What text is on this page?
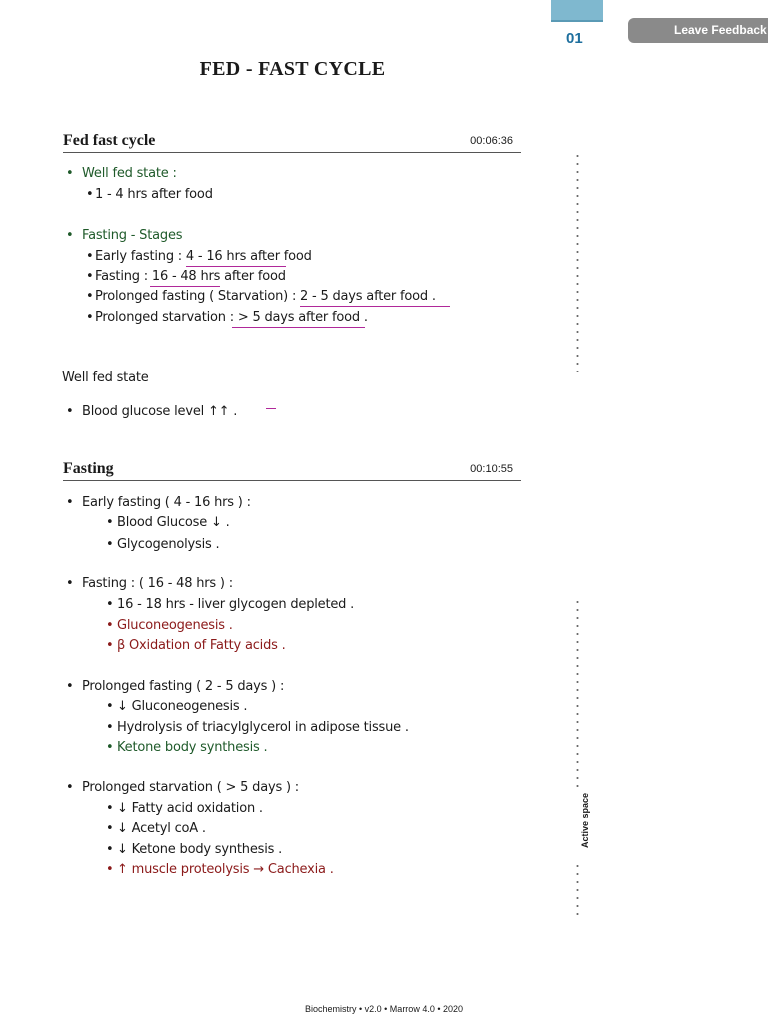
01	Leave Feedback
FED - FAST CYCLE
Fed fast cycle	00:06:36
• Well fed state :
• 1 - 4 hrs after food
• Fasting - Stages
• Early fasting : 4 - 16 hrs after food
• Fasting : 16 - 48 hrs after food
• Prolonged fasting ( Starvation) : 2 - 5 days after food .
• Prolonged starvation : > 5 days after food .
Well fed state
• Blood glucose level ↑↑ .
Fasting	00:10:55
• Early fasting ( 4 - 16 hrs ) :
• Blood Glucose ↓ .
• Glycogenolysis .
• Fasting : ( 16 - 48 hrs ) :
• 16 - 18 hrs - liver glycogen depleted .
• Gluconeogenesis .
• β Oxidation of Fatty acids .
• Prolonged fasting ( 2 - 5 days ) :
• ↓ Gluconeogenesis .
• Hydrolysis of triacylglycerol in adipose tissue .
• Ketone body synthesis .
• Prolonged starvation ( > 5 days ) :
• ↓ Fatty acid oxidation .
• ↓ Acetyl coA .
• ↓ Ketone body synthesis .
• ↑ muscle proteolysis → Cachexia .
Active space
Biochemistry • v2.0 • Marrow 4.0 • 2020
